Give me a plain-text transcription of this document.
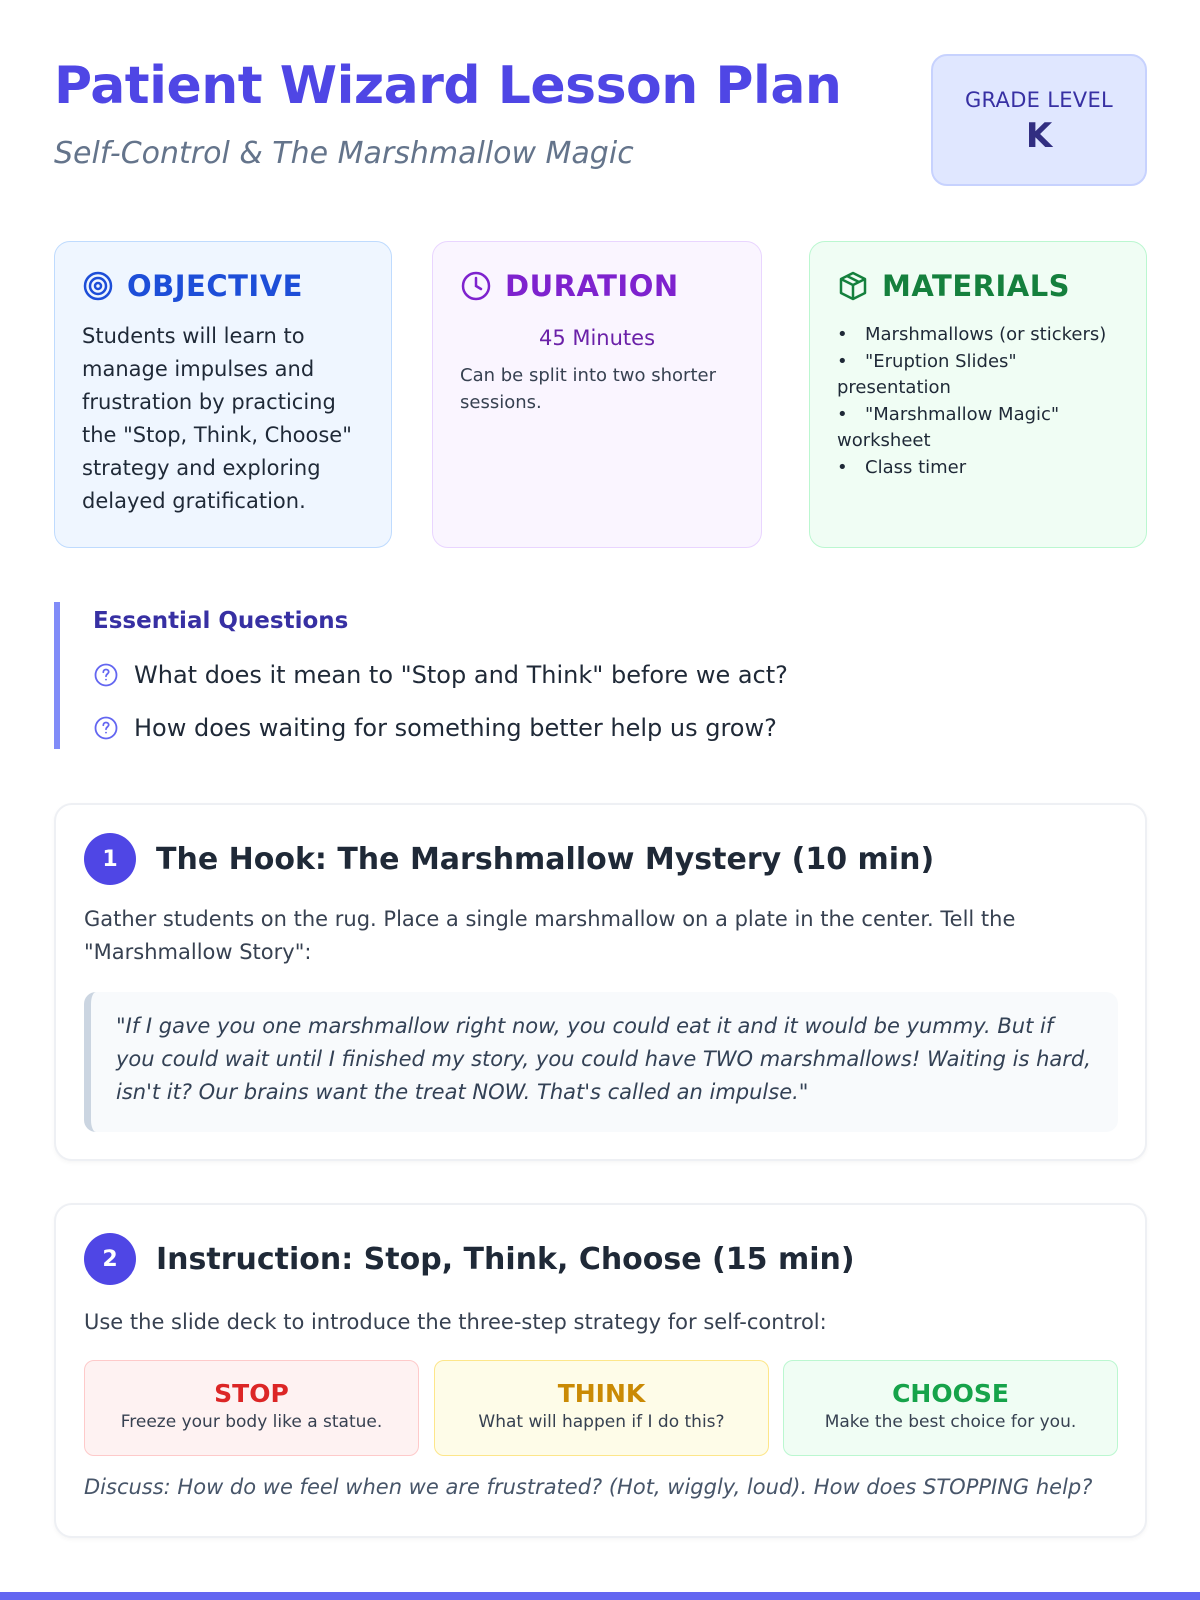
Patient Wizard Lesson Plan
Self-Control & The Marshmallow Magic
GRADE LEVEL
K
OBJECTIVE
Students will learn to manage impulses and frustration by practicing the "Stop, Think, Choose" strategy and exploring delayed gratification.
DURATION
45 Minutes
Can be split into two shorter sessions.
MATERIALS
• Marshmallows (or stickers)
• "Eruption Slides" presentation
• "Marshmallow Magic" worksheet
• Class timer
Essential Questions
What does it mean to "Stop and Think" before we act?
How does waiting for something better help us grow?
1	The Hook: The Marshmallow Mystery (10 min)
Gather students on the rug. Place a single marshmallow on a plate in the center. Tell the "Marshmallow Story":
"If I gave you one marshmallow right now, you could eat it and it would be yummy. But if you could wait until I finished my story, you could have TWO marshmallows! Waiting is hard, isn't it? Our brains want the treat NOW. That's called an impulse."
2	Instruction: Stop, Think, Choose (15 min)
Use the slide deck to introduce the three-step strategy for self-control:
STOP
Freeze your body like a statue.
THINK
What will happen if I do this?
CHOOSE
Make the best choice for you.
Discuss: How do we feel when we are frustrated? (Hot, wiggly, loud). How does STOPPING help?
